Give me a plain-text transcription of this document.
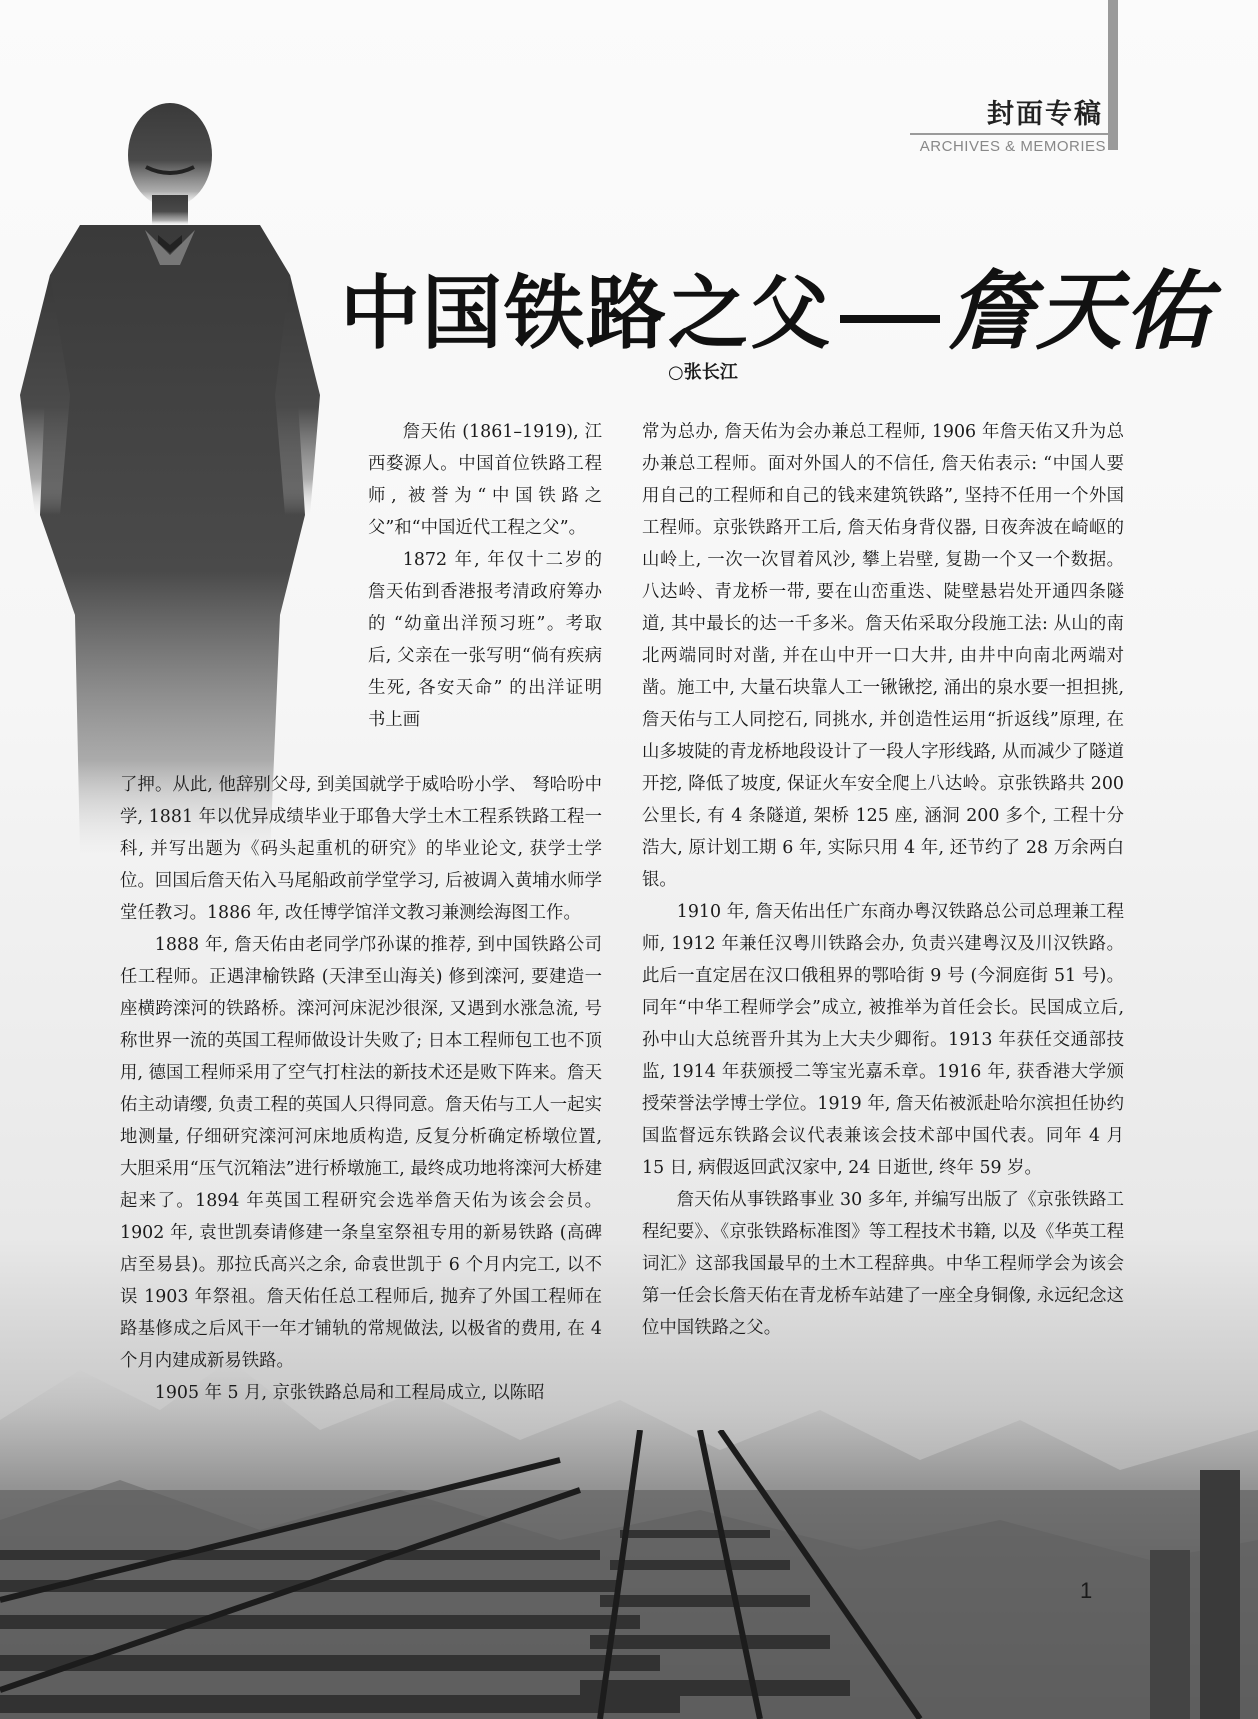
封面专稿
ARCHIVES & MEMORIES
中国铁路之父 詹天佑
○张长江

詹天佑 (1861–1919), 江西婺源人。中国首位铁路工程师, 被誉为“中国铁路之父”和“中国近代工程之父”。

1872 年, 年仅十二岁的詹天佑到香港报考清政府筹办的 “幼童出洋预习班”。考取后, 父亲在一张写明“倘有疾病生死, 各安天命” 的出洋证明书上画

了押。从此, 他辞别父母, 到美国就学于威哈吩小学、 弩哈吩中学, 1881 年以优异成绩毕业于耶鲁大学土木工程系铁路工程一科, 并写出题为《码头起重机的研究》的毕业论文, 获学士学位。回国后詹天佑入马尾船政前学堂学习, 后被调入黄埔水师学堂任教习。1886 年, 改任博学馆洋文教习兼测绘海图工作。

1888 年, 詹天佑由老同学邝孙谋的推荐, 到中国铁路公司任工程师。正遇津榆铁路 (天津至山海关) 修到滦河, 要建造一座横跨滦河的铁路桥。滦河河床泥沙很深, 又遇到水涨急流, 号称世界一流的英国工程师做设计失败了; 日本工程师包工也不顶用, 德国工程师采用了空气打柱法的新技术还是败下阵来。詹天佑主动请缨, 负责工程的英国人只得同意。詹天佑与工人一起实地测量, 仔细研究滦河河床地质构造, 反复分析确定桥墩位置, 大胆采用“压气沉箱法”进行桥墩施工, 最终成功地将滦河大桥建起来了。1894 年英国工程研究会选举詹天佑为该会会员。1902 年, 袁世凯奏请修建一条皇室祭祖专用的新易铁路 (高碑店至易县)。那拉氏高兴之余, 命袁世凯于 6 个月内完工, 以不误 1903 年祭祖。詹天佑任总工程师后, 抛弃了外国工程师在路基修成之后风干一年才铺轨的常规做法, 以极省的费用, 在 4 个月内建成新易铁路。

1905 年 5 月, 京张铁路总局和工程局成立, 以陈昭

常为总办, 詹天佑为会办兼总工程师, 1906 年詹天佑又升为总办兼总工程师。面对外国人的不信任, 詹天佑表示: “中国人要用自己的工程师和自己的钱来建筑铁路”, 坚持不任用一个外国工程师。京张铁路开工后, 詹天佑身背仪器, 日夜奔波在崎岖的山岭上, 一次一次冒着风沙, 攀上岩壁, 复勘一个又一个数据。八达岭、青龙桥一带, 要在山峦重迭、陡壁悬岩处开通四条隧道, 其中最长的达一千多米。詹天佑采取分段施工法: 从山的南北两端同时对凿, 并在山中开一口大井, 由井中向南北两端对凿。施工中, 大量石块靠人工一锹锹挖, 涌出的泉水要一担担挑, 詹天佑与工人同挖石, 同挑水, 并创造性运用“折返线”原理, 在山多坡陡的青龙桥地段设计了一段人字形线路, 从而减少了隧道开挖, 降低了坡度, 保证火车安全爬上八达岭。京张铁路共 200 公里长, 有 4 条隧道, 架桥 125 座, 涵洞 200 多个, 工程十分浩大, 原计划工期 6 年, 实际只用 4 年, 还节约了 28 万余两白银。

1910 年, 詹天佑出任广东商办粤汉铁路总公司总理兼工程师, 1912 年兼任汉粤川铁路会办, 负责兴建粤汉及川汉铁路。此后一直定居在汉口俄租界的鄂哈街 9 号 (今洞庭街 51 号)。同年“中华工程师学会”成立, 被推举为首任会长。民国成立后, 孙中山大总统晋升其为上大夫少卿衔。1913 年获任交通部技监, 1914 年获颁授二等宝光嘉禾章。1916 年, 获香港大学颁授荣誉法学博士学位。1919 年, 詹天佑被派赴哈尔滨担任协约国监督远东铁路会议代表兼该会技术部中国代表。同年 4 月 15 日, 病假返回武汉家中, 24 日逝世, 终年 59 岁。

詹天佑从事铁路事业 30 多年, 并编写出版了《京张铁路工程纪要》、《京张铁路标准图》等工程技术书籍, 以及《华英工程词汇》这部我国最早的土木工程辞典。中华工程师学会为该会第一任会长詹天佑在青龙桥车站建了一座全身铜像, 永远纪念这位中国铁路之父。

1
